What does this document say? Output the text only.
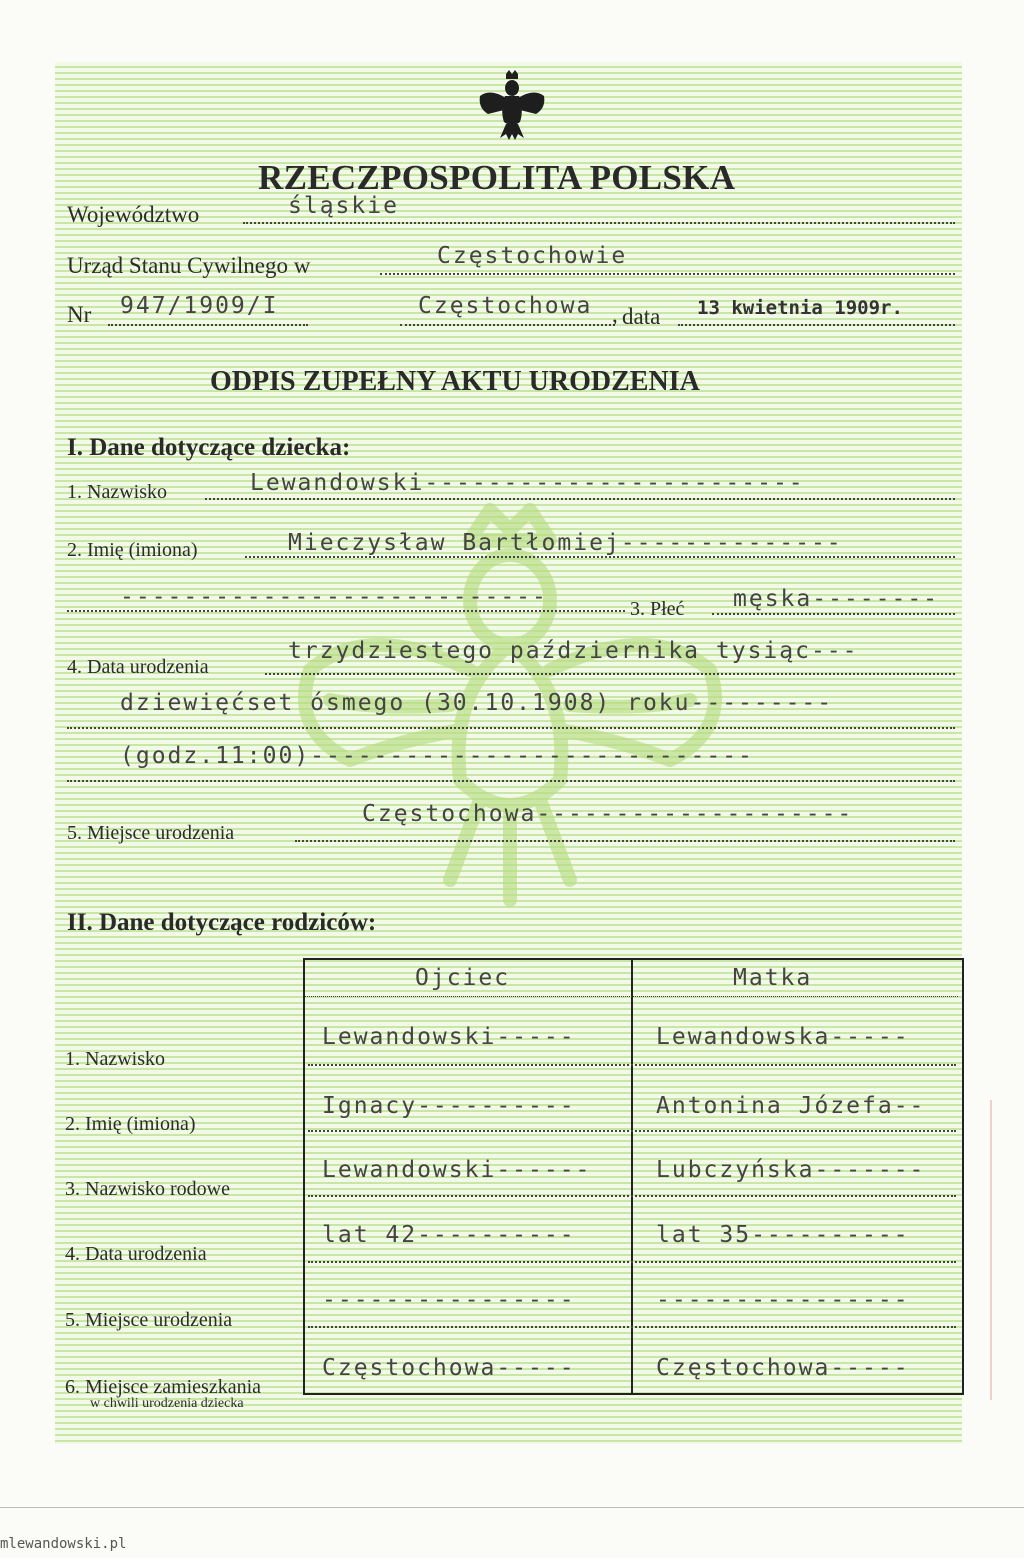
RZECZPOSPOLITA POLSKA
Województwo	śląskie
Urząd Stanu Cywilnego w	Częstochowie
Nr 947/1909/I	Częstochowa , data 13 kwietnia 1909r.
ODPIS ZUPEŁNY AKTU URODZENIA
I. Dane dotyczące dziecka:
1. Nazwisko	Lewandowski------------------------
2. Imię (imiona)	Mieczysław Bartłomiej--------------
---------------------------	3. Płeć męska--------
4. Data urodzenia
trzydziestego października tysiąc---
dziewięćset ósmego (30.10.1908) roku---------
(godz.11:00)----------------------------
5. Miejsce urodzenia
Częstochowa--------------------
II. Dane dotyczące rodziców:
Ojciec	Matka
1. Nazwisko
Lewandowski-----	Lewandowska-----
2. Imię (imiona)
Ignacy----------	Antonina Józefa--
3. Nazwisko rodowe
Lewandowski------	Lubczyńska-------
4. Data urodzenia
lat 42----------	lat 35----------
5. Miejsce urodzenia
----------------	----------------
6. Miejsce zamieszkania
w chwili urodzenia dziecka
Częstochowa-----	Częstochowa-----
mlewandowski.pl
